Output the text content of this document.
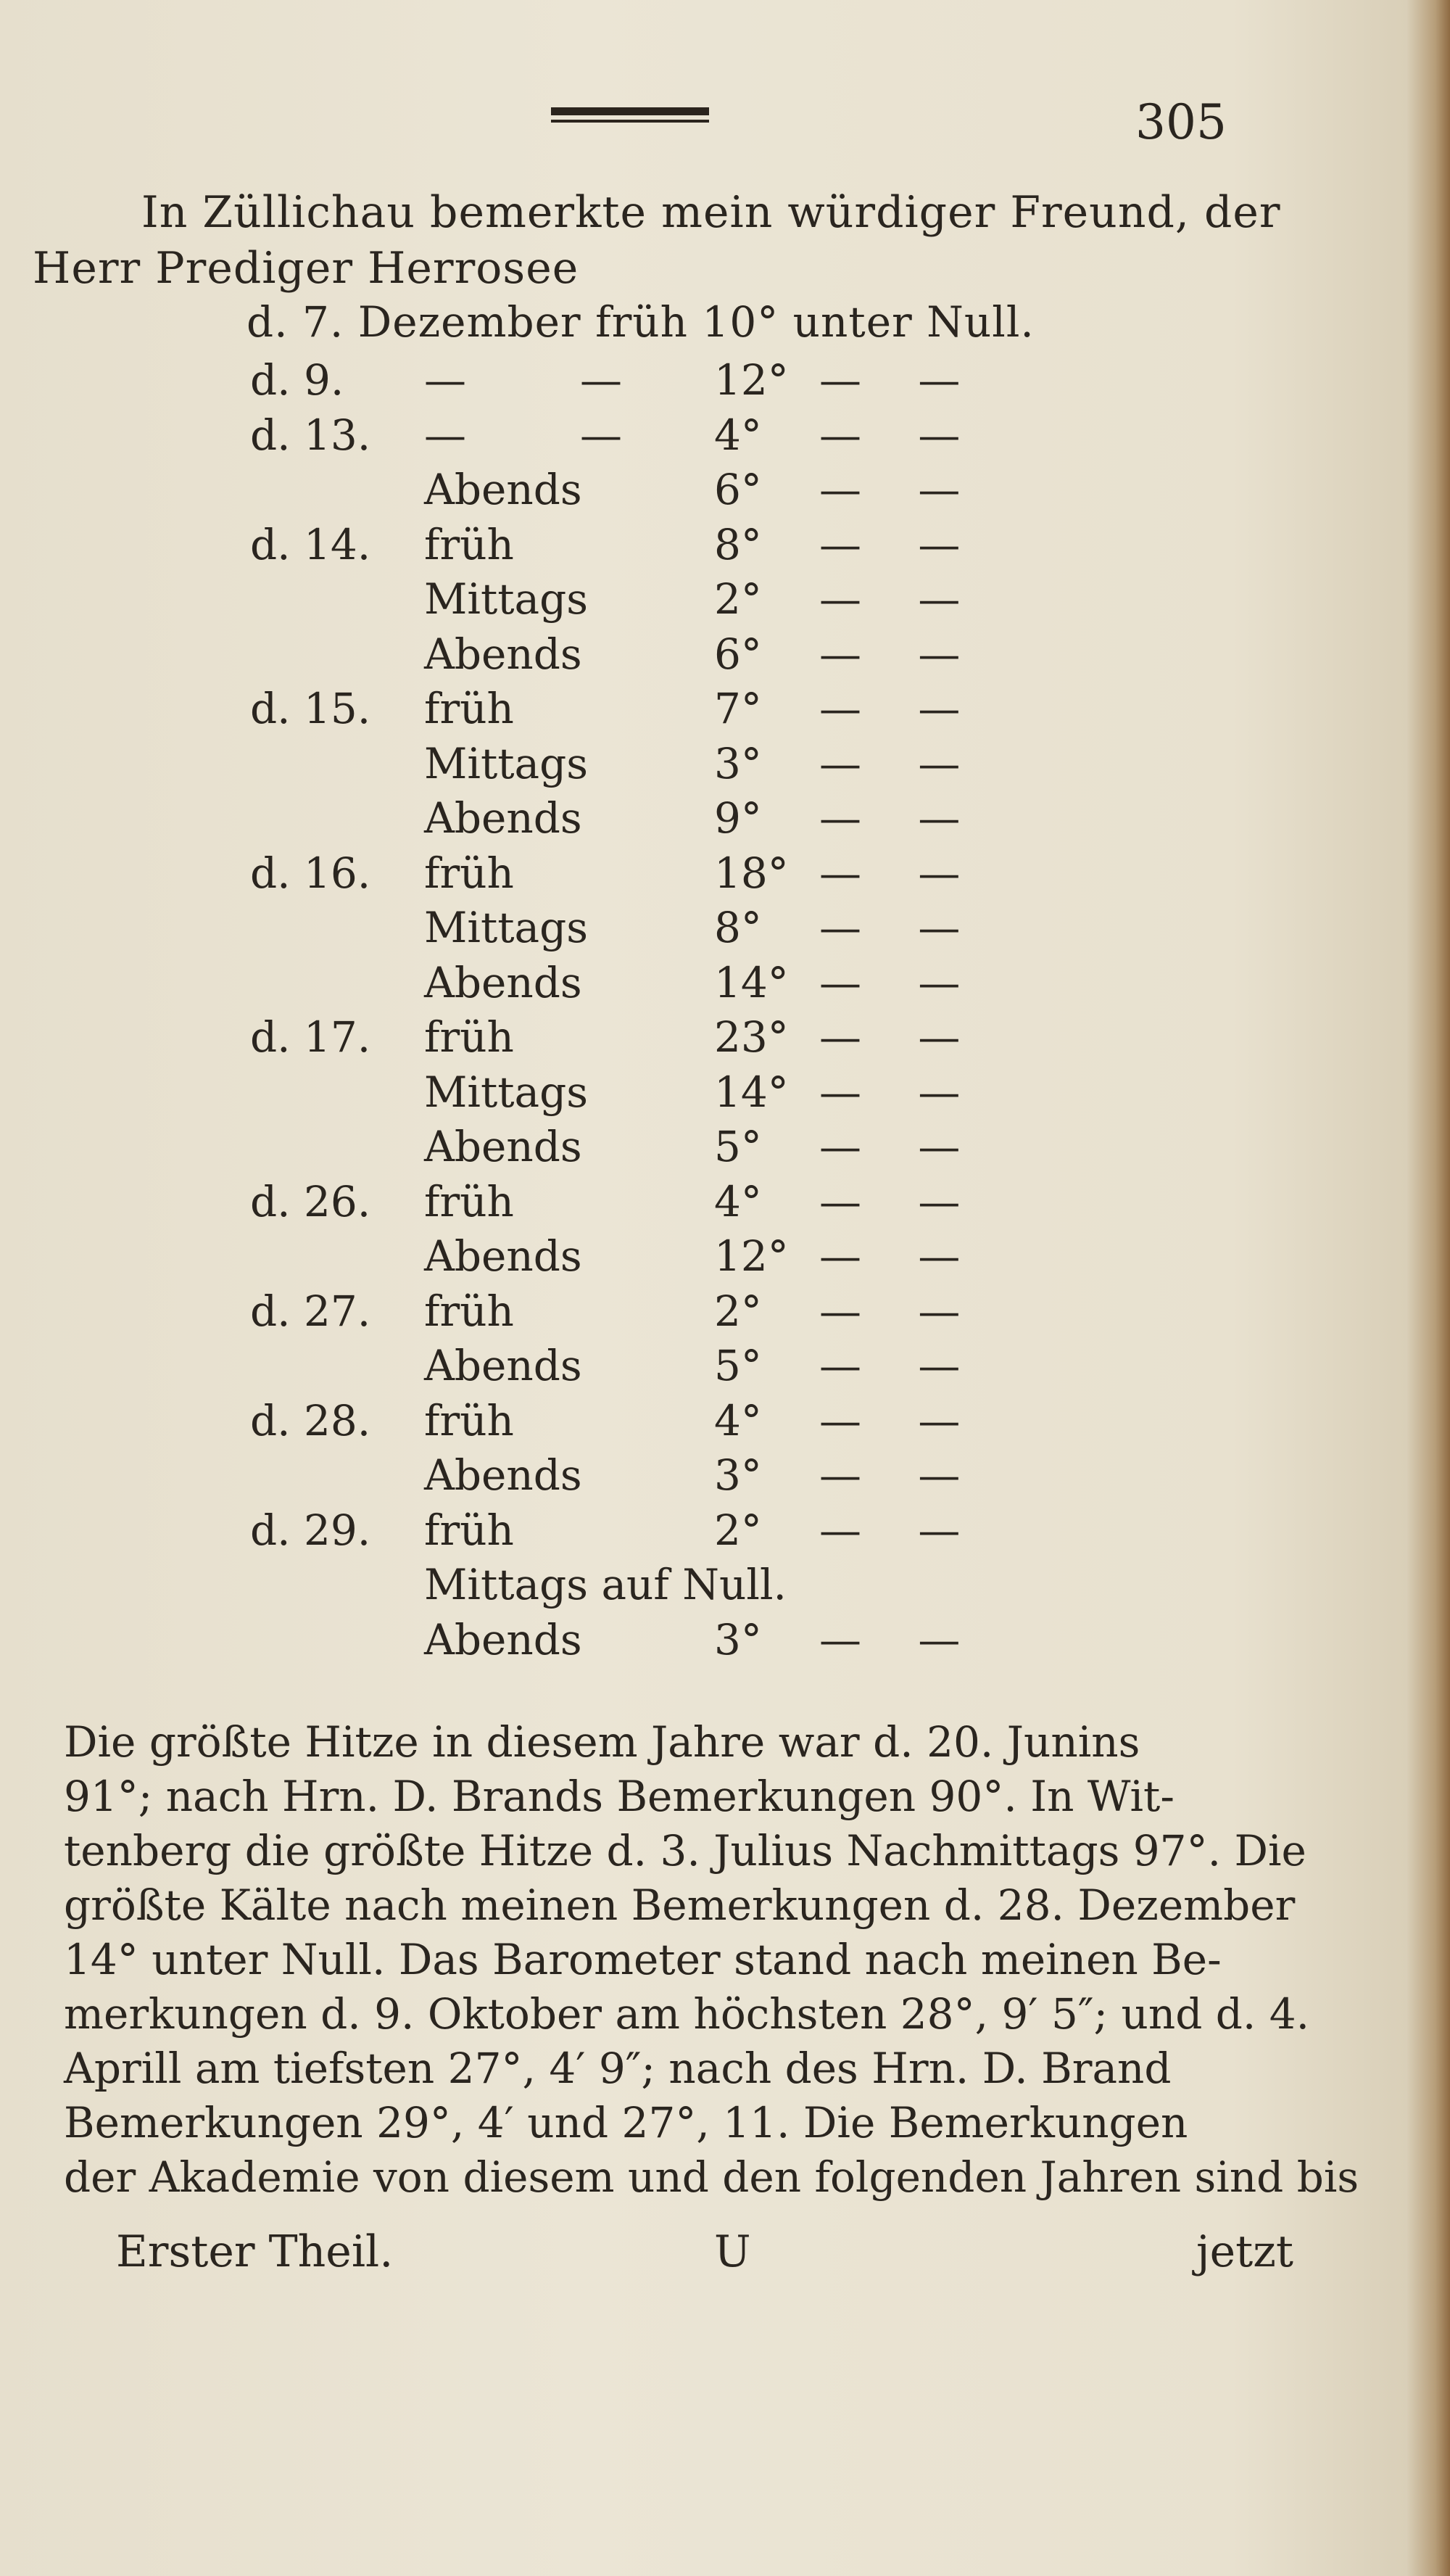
305
In Züllichau bemerkte mein würdiger Freund, der
Herr Prediger Herrosee
d. 7. Dezember früh 10° unter Null.
d. 9. —	— 12° — —
d. 13. —	— 4° — —
Abends	6° — —
d. 14. früh	8° — —
Mittags	2° — —
Abends	6° — —
d. 15. früh	7° — —
Mittags	3° — —
Abends	9° — —
d. 16. früh	18° — —
Mittags	8° — —
Abends	14° — —
d. 17. früh	23° — —
Mittags	14° — —
Abends	5° — —
d. 26. früh	4° — —
Abends	12° — —
d. 27. früh	2° — —
Abends	5° — —
d. 28. früh	4° — —
Abends	3° — —
d. 29. früh	2° — —
Mittags auf Null.
Abends	3° — —

Die größte Hitze in diesem Jahre war d. 20. Junins

91°; nach Hrn. D. Brands Bemerkungen 90°. In Wit-

tenberg die größte Hitze d. 3. Julius Nachmittags 97°. Die

größte Kälte nach meinen Bemerkungen d. 28. Dezember

14° unter Null. Das Barometer stand nach meinen Be-

merkungen d. 9. Oktober am höchsten 28°, 9′ 5″; und d. 4.

Aprill am tiefsten 27°, 4′ 9″; nach des Hrn. D. Brand

Bemerkungen 29°, 4′ und 27°, 11. Die Bemerkungen

der Akademie von diesem und den folgenden Jahren sind bis

Erster Theil.	U	jetzt
